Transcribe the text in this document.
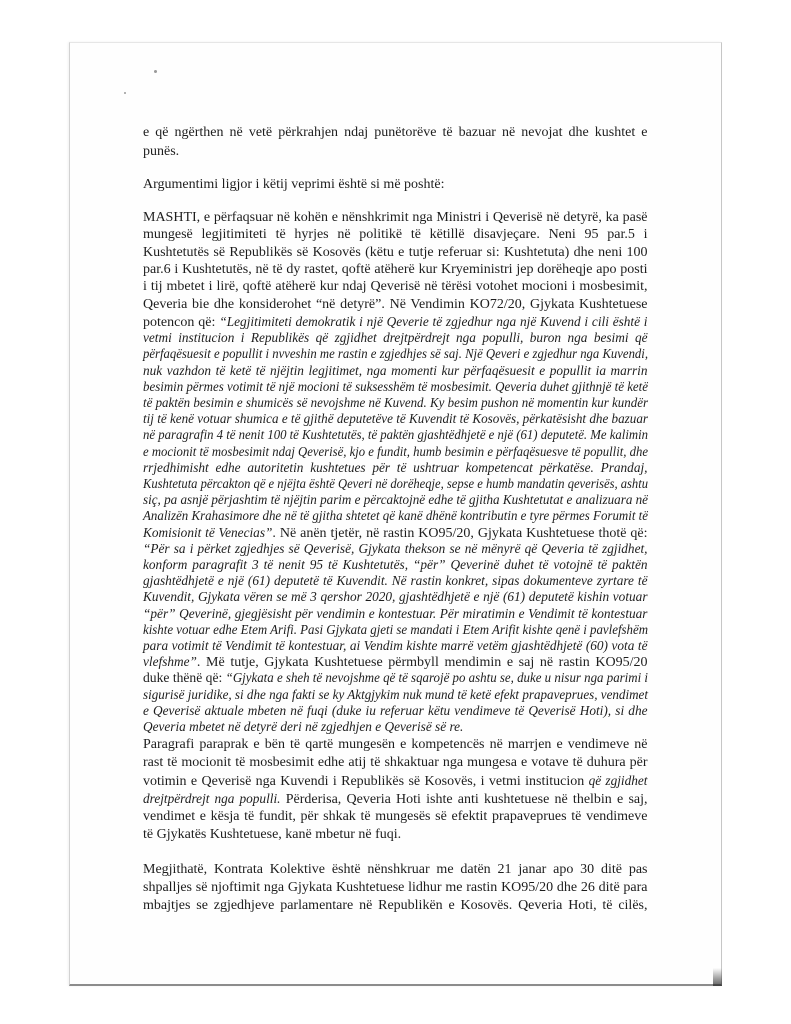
e që ngërthen në vetë përkrahjen ndaj punëtorëve të bazuar në nevojat dhe kushtet e
punës.
Argumentimi ligjor i këtij veprimi është si më poshtë:
MASHTI, e përfaqsuar në kohën e nënshkrimit nga Ministri i Qeverisë në detyrë, ka pasë
mungesë legjitimiteti të hyrjes në politikë të këtillë disavjeçare. Neni 95 par.5 i
Kushtetutës së Republikës së Kosovës (këtu e tutje referuar si: Kushtetuta) dhe neni 100
par.6 i Kushtetutës, në të dy rastet, qoftë atëherë kur Kryeministri jep dorëheqje apo posti
i tij mbetet i lirë, qoftë atëherë kur ndaj Qeverisë në tërësi votohet mocioni i mosbesimit,
Qeveria bie dhe konsiderohet “në detyrë”. Në Vendimin KO72/20, Gjykata Kushtetuese
potencon që: “Legjitimiteti demokratik i një Qeverie të zgjedhur nga një Kuvend i cili është i
vetmi institucion i Republikës që zgjidhet drejtpërdrejt nga populli, buron nga besimi që
përfaqësuesit e popullit i nvveshin me rastin e zgjedhjes së saj. Një Qeveri e zgjedhur nga Kuvendi,
nuk vazhdon të ketë të njëjtin legjitimet, nga momenti kur përfaqësuesit e popullit ia marrin
besimin përmes votimit të një mocioni të suksesshëm të mosbesimit. Qeveria duhet gjithnjë të ketë
të paktën besimin e shumicës së nevojshme në Kuvend. Ky besim pushon në momentin kur kundër
tij të kenë votuar shumica e të gjithë deputetëve të Kuvendit të Kosovës, përkatësisht dhe bazuar
në paragrafin 4 të nenit 100 të Kushtetutës, të paktën gjashtëdhjetë e një (61) deputetë. Me kalimin
e mocionit të mosbesimit ndaj Qeverisë, kjo e fundit, humb besimin e përfaqësuesve të popullit, dhe
rrjedhimisht edhe autoritetin kushtetues për të ushtruar kompetencat përkatëse. Prandaj,
Kushtetuta përcakton që e njëjta është Qeveri në dorëheqje, sepse e humb mandatin qeverisës, ashtu
siç, pa asnjë përjashtim të njëjtin parim e përcaktojnë edhe të gjitha Kushtetutat e analizuara në
Analizën Krahasimore dhe në të gjitha shtetet që kanë dhënë kontributin e tyre përmes Forumit të
Komisionit të Venecias”. Në anën tjetër, në rastin KO95/20, Gjykata Kushtetuese thotë që:
“Për sa i përket zgjedhjes së Qeverisë, Gjykata thekson se në mënyrë që Qeveria të zgjidhet,
konform paragrafit 3 të nenit 95 të Kushtetutës, “për” Qeverinë duhet të votojnë të paktën
gjashtëdhjetë e një (61) deputetë të Kuvendit. Në rastin konkret, sipas dokumenteve zyrtare të
Kuvendit, Gjykata vëren se më 3 qershor 2020, gjashtëdhjetë e një (61) deputetë kishin votuar
“për” Qeverinë, gjegjësisht për vendimin e kontestuar. Për miratimin e Vendimit të kontestuar
kishte votuar edhe Etem Arifi. Pasi Gjykata gjeti se mandati i Etem Arifit kishte qenë i pavlefshëm
para votimit të Vendimit të kontestuar, ai Vendim kishte marrë vetëm gjashtëdhjetë (60) vota të
vlefshme”. Më tutje, Gjykata Kushtetuese përmbyll mendimin e saj në rastin KO95/20
duke thënë që: “Gjykata e sheh të nevojshme që të sqarojë po ashtu se, duke u nisur nga parimi i
sigurisë juridike, si dhe nga fakti se ky Aktgjykim nuk mund të ketë efekt prapaveprues, vendimet
e Qeverisë aktuale mbeten në fuqi (duke iu referuar këtu vendimeve të Qeverisë Hoti), si dhe
Qeveria mbetet në detyrë deri në zgjedhjen e Qeverisë së re.
Paragrafi paraprak e bën të qartë mungesën e kompetencës në marrjen e vendimeve në
rast të mocionit të mosbesimit edhe atij të shkaktuar nga mungesa e votave të duhura për
votimin e Qeverisë nga Kuvendi i Republikës së Kosovës, i vetmi institucion që zgjidhet
drejtpërdrejt nga populli. Përderisa, Qeveria Hoti ishte anti kushtetuese në thelbin e saj,
vendimet e kësja të fundit, për shkak të mungesës së efektit prapaveprues të vendimeve
të Gjykatës Kushtetuese, kanë mbetur në fuqi.
Megjithatë, Kontrata Kolektive është nënshkruar me datën 21 janar apo 30 ditë pas
shpalljes së njoftimit nga Gjykata Kushtetuese lidhur me rastin KO95/20 dhe 26 ditë para
mbajtjes se zgjedhjeve parlamentare në Republikën e Kosovës. Qeveria Hoti, të cilës,
